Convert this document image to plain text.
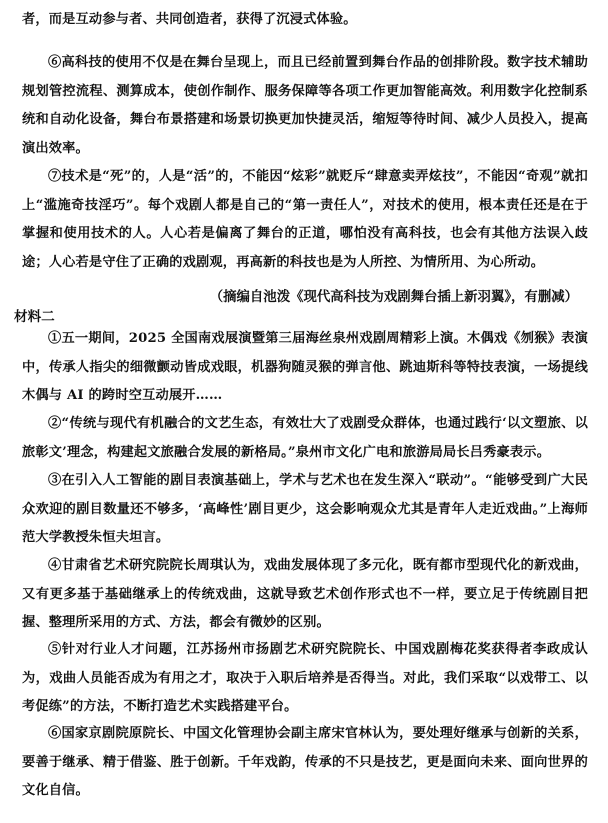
者，而是互动参与者、共同创造者，获得了沉浸式体验。

⑥高科技的使用不仅是在舞台呈现上，而且已经前置到舞台作品的创排阶段。数字技术辅助规划管控流程、测算成本，使创作制作、服务保障等各项工作更加智能高效。利用数字化控制系统和自动化设备，舞台布景搭建和场景切换更加快捷灵活，缩短等待时间、减少人员投入，提高演出效率。

⑦技术是“死”的，人是“活”的，不能因“炫彩”就贬斥“肆意卖弄炫技”，不能因“奇观”就扣上“滥施奇技淫巧”。每个戏剧人都是自己的“第一责任人”，对技术的使用，根本责任还是在于掌握和使用技术的人。人心若是偏离了舞台的正道，哪怕没有高科技，也会有其他方法误入歧途；人心若是守住了正确的戏剧观，再高新的科技也是为人所控、为情所用、为心所动。

（摘编自池泼《现代高科技为戏剧舞台插上新羽翼》，有删减）

材料二

①五一期间，2025 全国南戏展演暨第三届海丝泉州戏剧周精彩上演。木偶戏《刎猴》表演中，传承人指尖的细微颤动皆成戏眼，机器狗随灵猴的弹言他、跳迪斯科等特技表演，一场提线木偶与 AI 的跨时空互动展开……

②“传统与现代有机融合的文艺生态，有效壮大了戏剧受众群体，也通过践行‘以文塑旅、以旅彰文’理念，构建起文旅融合发展的新格局。”泉州市文化广电和旅游局局长吕秀豪表示。

③在引入人工智能的剧目表演基础上，学术与艺术也在发生深入“联动”。“能够受到广大民众欢迎的剧目数量还不够多，‘高峰性’剧目更少，这会影响观众尤其是青年人走近戏曲。”上海师范大学教授朱恒夫坦言。

④甘肃省艺术研究院院长周琪认为，戏曲发展体现了多元化，既有都市型现代化的新戏曲，又有更多基于基础继承上的传统戏曲，这就导致艺术创作形式也不一样，要立足于传统剧目把握、整理所采用的方式、方法，都会有微妙的区别。

⑤针对行业人才问题，江苏扬州市扬剧艺术研究院院长、中国戏剧梅花奖获得者李政成认为，戏曲人员能否成为有用之才，取决于入职后培养是否得当。对此，我们采取“以戏带工、以考促练”的方法，不断打造艺术实践搭建平台。

⑥国家京剧院原院长、中国文化管理协会副主席宋官林认为，要处理好继承与创新的关系，要善于继承、精于借鉴、胜于创新。千年戏韵，传承的不只是技艺，更是面向未来、面向世界的文化自信。
